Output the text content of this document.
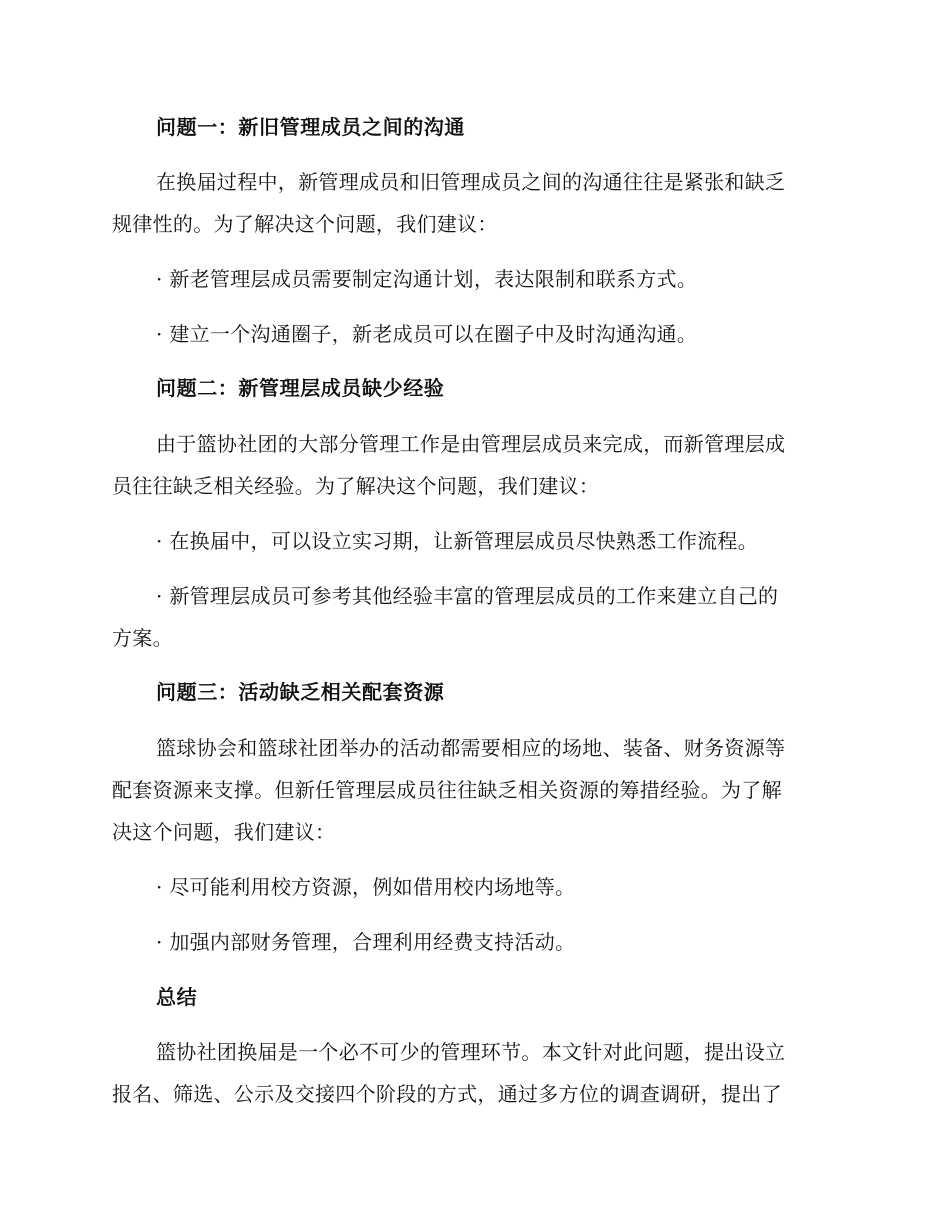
问题一：新旧管理成员之间的沟通
在换届过程中，新管理成员和旧管理成员之间的沟通往往是紧张和缺乏
规律性的。为了解决这个问题，我们建议：
· 新老管理层成员需要制定沟通计划，表达限制和联系方式。
· 建立一个沟通圈子，新老成员可以在圈子中及时沟通沟通。
问题二：新管理层成员缺少经验
由于篮协社团的大部分管理工作是由管理层成员来完成，而新管理层成
员往往缺乏相关经验。为了解决这个问题，我们建议：
· 在换届中，可以设立实习期，让新管理层成员尽快熟悉工作流程。
· 新管理层成员可参考其他经验丰富的管理层成员的工作来建立自己的
方案。
问题三：活动缺乏相关配套资源
篮球协会和篮球社团举办的活动都需要相应的场地、装备、财务资源等
配套资源来支撑。但新任管理层成员往往缺乏相关资源的筹措经验。为了解
决这个问题，我们建议：
· 尽可能利用校方资源，例如借用校内场地等。
· 加强内部财务管理，合理利用经费支持活动。
总结
篮协社团换届是一个必不可少的管理环节。本文针对此问题，提出设立
报名、筛选、公示及交接四个阶段的方式，通过多方位的调查调研，提出了
